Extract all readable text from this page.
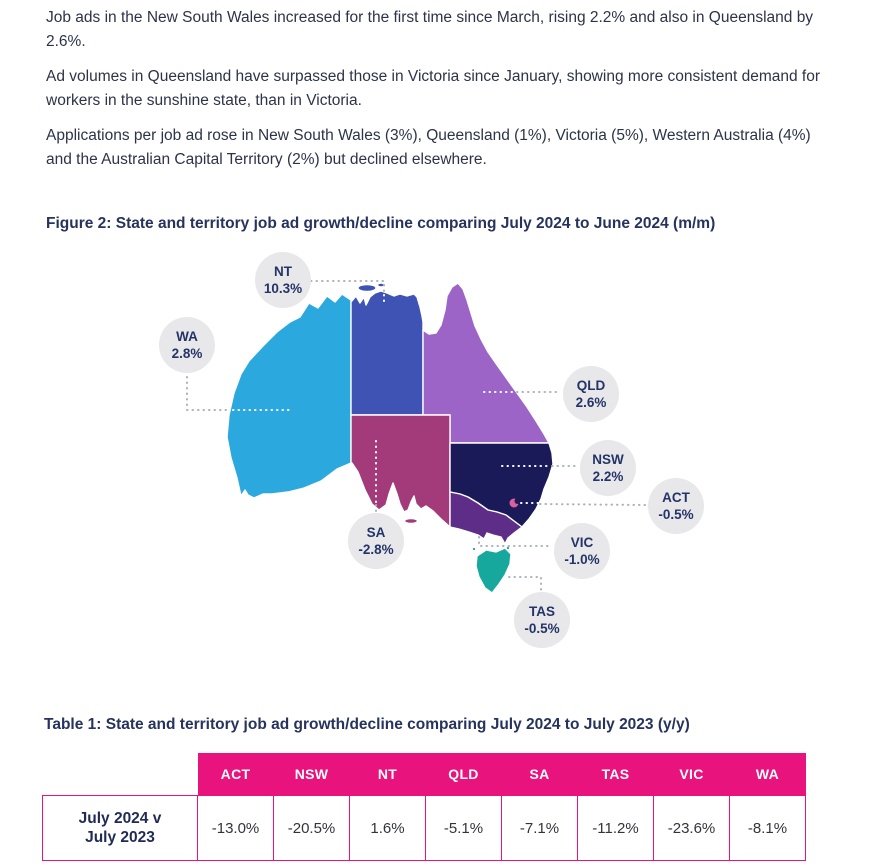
Job ads in the New South Wales increased for the first time since March, rising 2.2% and also in Queensland by 2.6%.

Ad volumes in Queensland have surpassed those in Victoria since January, showing more consistent demand for workers in the sunshine state, than in Victoria.

Applications per job ad rose in New South Wales (3%), Queensland (1%), Victoria (5%), Western Australia (4%) and the Australian Capital Territory (2%) but declined elsewhere.

Figure 2: State and territory job ad growth/decline comparing July 2024 to June 2024 (m/m)
NT
10.3%
WA
2.8%
QLD
2.6%
NSW
2.2%
ACT
-0.5%
SA
-2.8%	VIC
-1.0%
TAS
-0.5%
Table 1: State and territory job ad growth/decline comparing July 2024 to July 2023 (y/y)
	ACT	NSW	NT	QLD	SA	TAS	VIC	WA

July 2024 v
July 2023	-13.0%	-20.5%	1.6%	-5.1%	-7.1%	-11.2%	-23.6%	-8.1%
